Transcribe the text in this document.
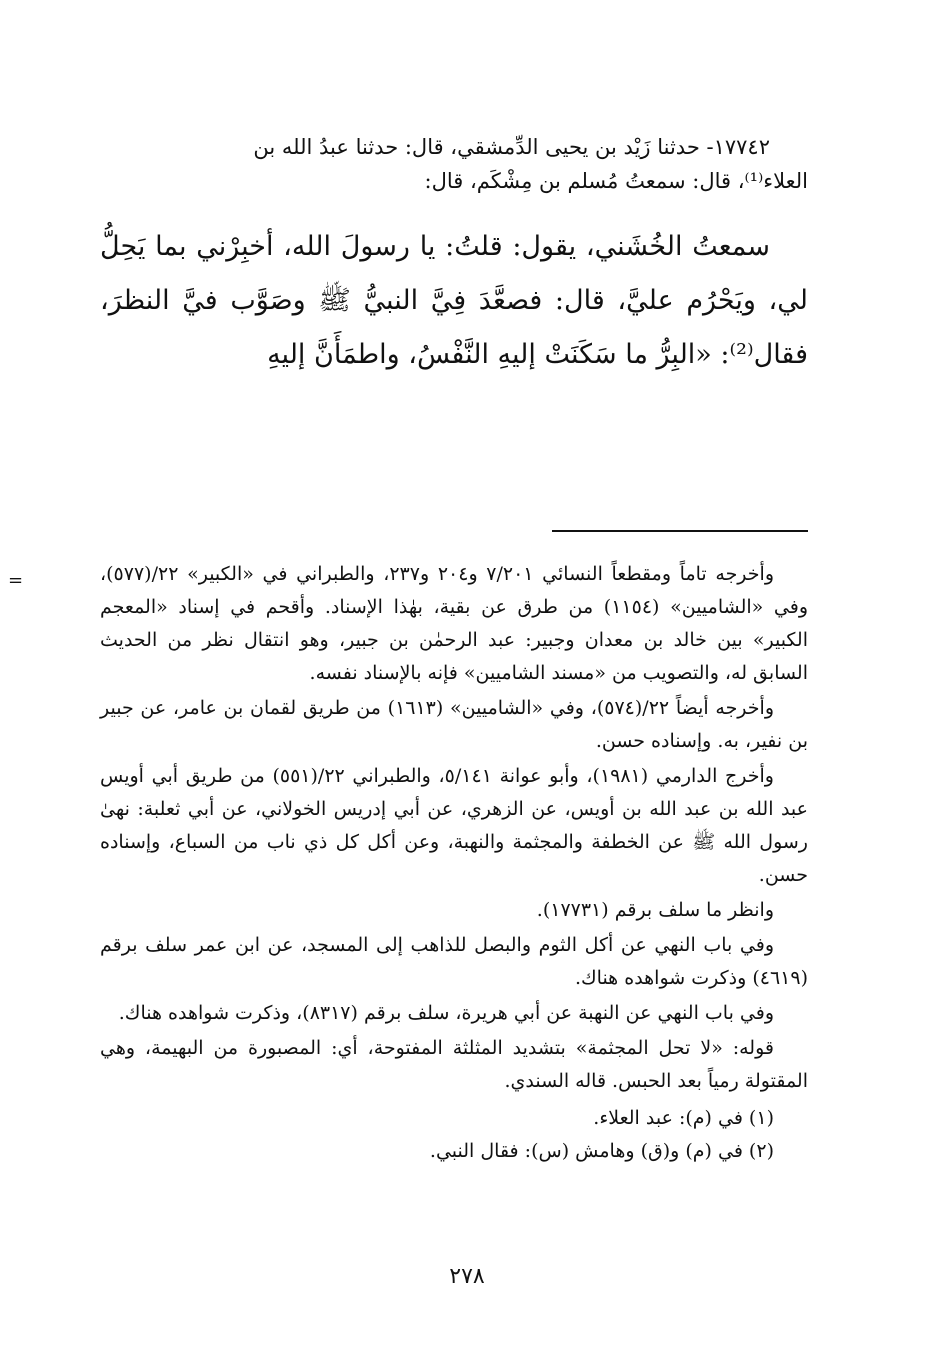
١٧٧٤٢- حدثنا زَيْد بن يحيى الدِّمشقي، قال: حدثنا عبدُ الله بن
العلاء⁽¹⁾، قال: سمعتُ مُسلم بن مِشْكَم، قال:
سمعتُ الخُشَني، يقول: قلتُ: يا رسولَ الله، أخبِرْني بما يَحِلُّ لي، ويَحْرُم عليَّ، قال: فصعَّدَ فِيَّ النبيُّ ﷺ وصَوَّب فيَّ النظرَ، فقال⁽²⁾: «البِرُّ ما سَكَنَتْ إليهِ النَّفْسُ، واطمَأَنَّ إليهِ
=	وأخرجه تاماً ومقطعاً النسائي ٧/٢٠١ و٢٠٤ و٢٣٧، والطبراني في «الكبير» ٢٢/(٥٧٧)، وفي «الشاميين» (١١٥٤) من طرق عن بقية، بهٰذا الإسناد. وأقحم في إسناد «المعجم الكبير» بين خالد بن معدان وجبير: عبد الرحمٰن بن جبير، وهو انتقال نظر من الحديث السابق له، والتصويب من «مسند الشاميين» فإنه بالإسناد نفسه.

وأخرجه أيضاً ٢٢/(٥٧٤)، وفي «الشاميين» (١٦١٣) من طريق لقمان بن عامر، عن جبير بن نفير، به. وإسناده حسن.

وأخرج الدارمي (١٩٨١)، وأبو عوانة ٥/١٤١، والطبراني ٢٢/(٥٥١) من طريق أبي أويس عبد الله بن عبد الله بن أويس، عن الزهري، عن أبي إدريس الخولاني، عن أبي ثعلبة: نهىٰ رسول الله ﷺ عن الخطفة والمجثمة والنهبة، وعن أكل كل ذي ناب من السباع، وإسناده حسن.

وانظر ما سلف برقم (١٧٧٣١).

وفي باب النهي عن أكل الثوم والبصل للذاهب إلى المسجد، عن ابن عمر سلف برقم (٤٦١٩) وذكرت شواهده هناك.

وفي باب النهي عن النهبة عن أبي هريرة، سلف برقم (٨٣١٧)، وذكرت شواهده هناك.

قوله: «لا تحل المجثمة» بتشديد المثلثة المفتوحة، أي: المصبورة من البهيمة، وهي المقتولة رمياً بعد الحبس. قاله السندي.

(١) في (م): عبد العلاء.

(٢) في (م) و(ق) وهامش (س): فقال النبي.

٢٧٨
